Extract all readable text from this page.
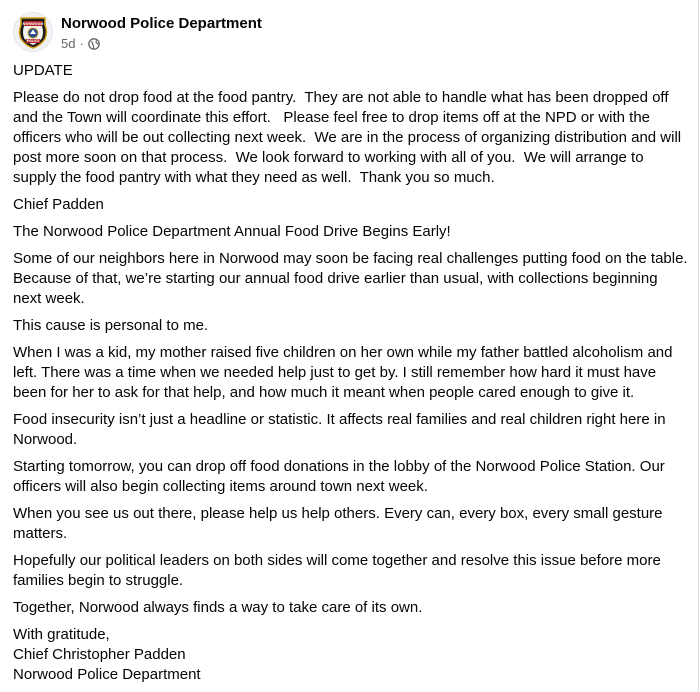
NORWOOD
POLICE
Norwood Police Department
5d ·

UPDATE

Please do not drop food at the food pantry.  They are not able to handle what has been dropped off and the Town will coordinate this effort.   Please feel free to drop items off at the NPD or with the officers who will be out collecting next week.  We are in the process of organizing distribution and will post more soon on that process.  We look forward to working with all of you.  We will arrange to supply the food pantry with what they need as well.  Thank you so much.

Chief Padden

The Norwood Police Department Annual Food Drive Begins Early!

Some of our neighbors here in Norwood may soon be facing real challenges putting food on the table. Because of that, we’re starting our annual food drive earlier than usual, with collections beginning next week.

This cause is personal to me.

When I was a kid, my mother raised five children on her own while my father battled alcoholism and left. There was a time when we needed help just to get by. I still remember how hard it must have been for her to ask for that help, and how much it meant when people cared enough to give it.

Food insecurity isn’t just a headline or statistic. It affects real families and real children right here in Norwood.

Starting tomorrow, you can drop off food donations in the lobby of the Norwood Police Station. Our officers will also begin collecting items around town next week.

When you see us out there, please help us help others. Every can, every box, every small gesture matters.

Hopefully our political leaders on both sides will come together and resolve this issue before more families begin to struggle.

Together, Norwood always finds a way to take care of its own.

With gratitude,

Chief Christopher Padden

Norwood Police Department
